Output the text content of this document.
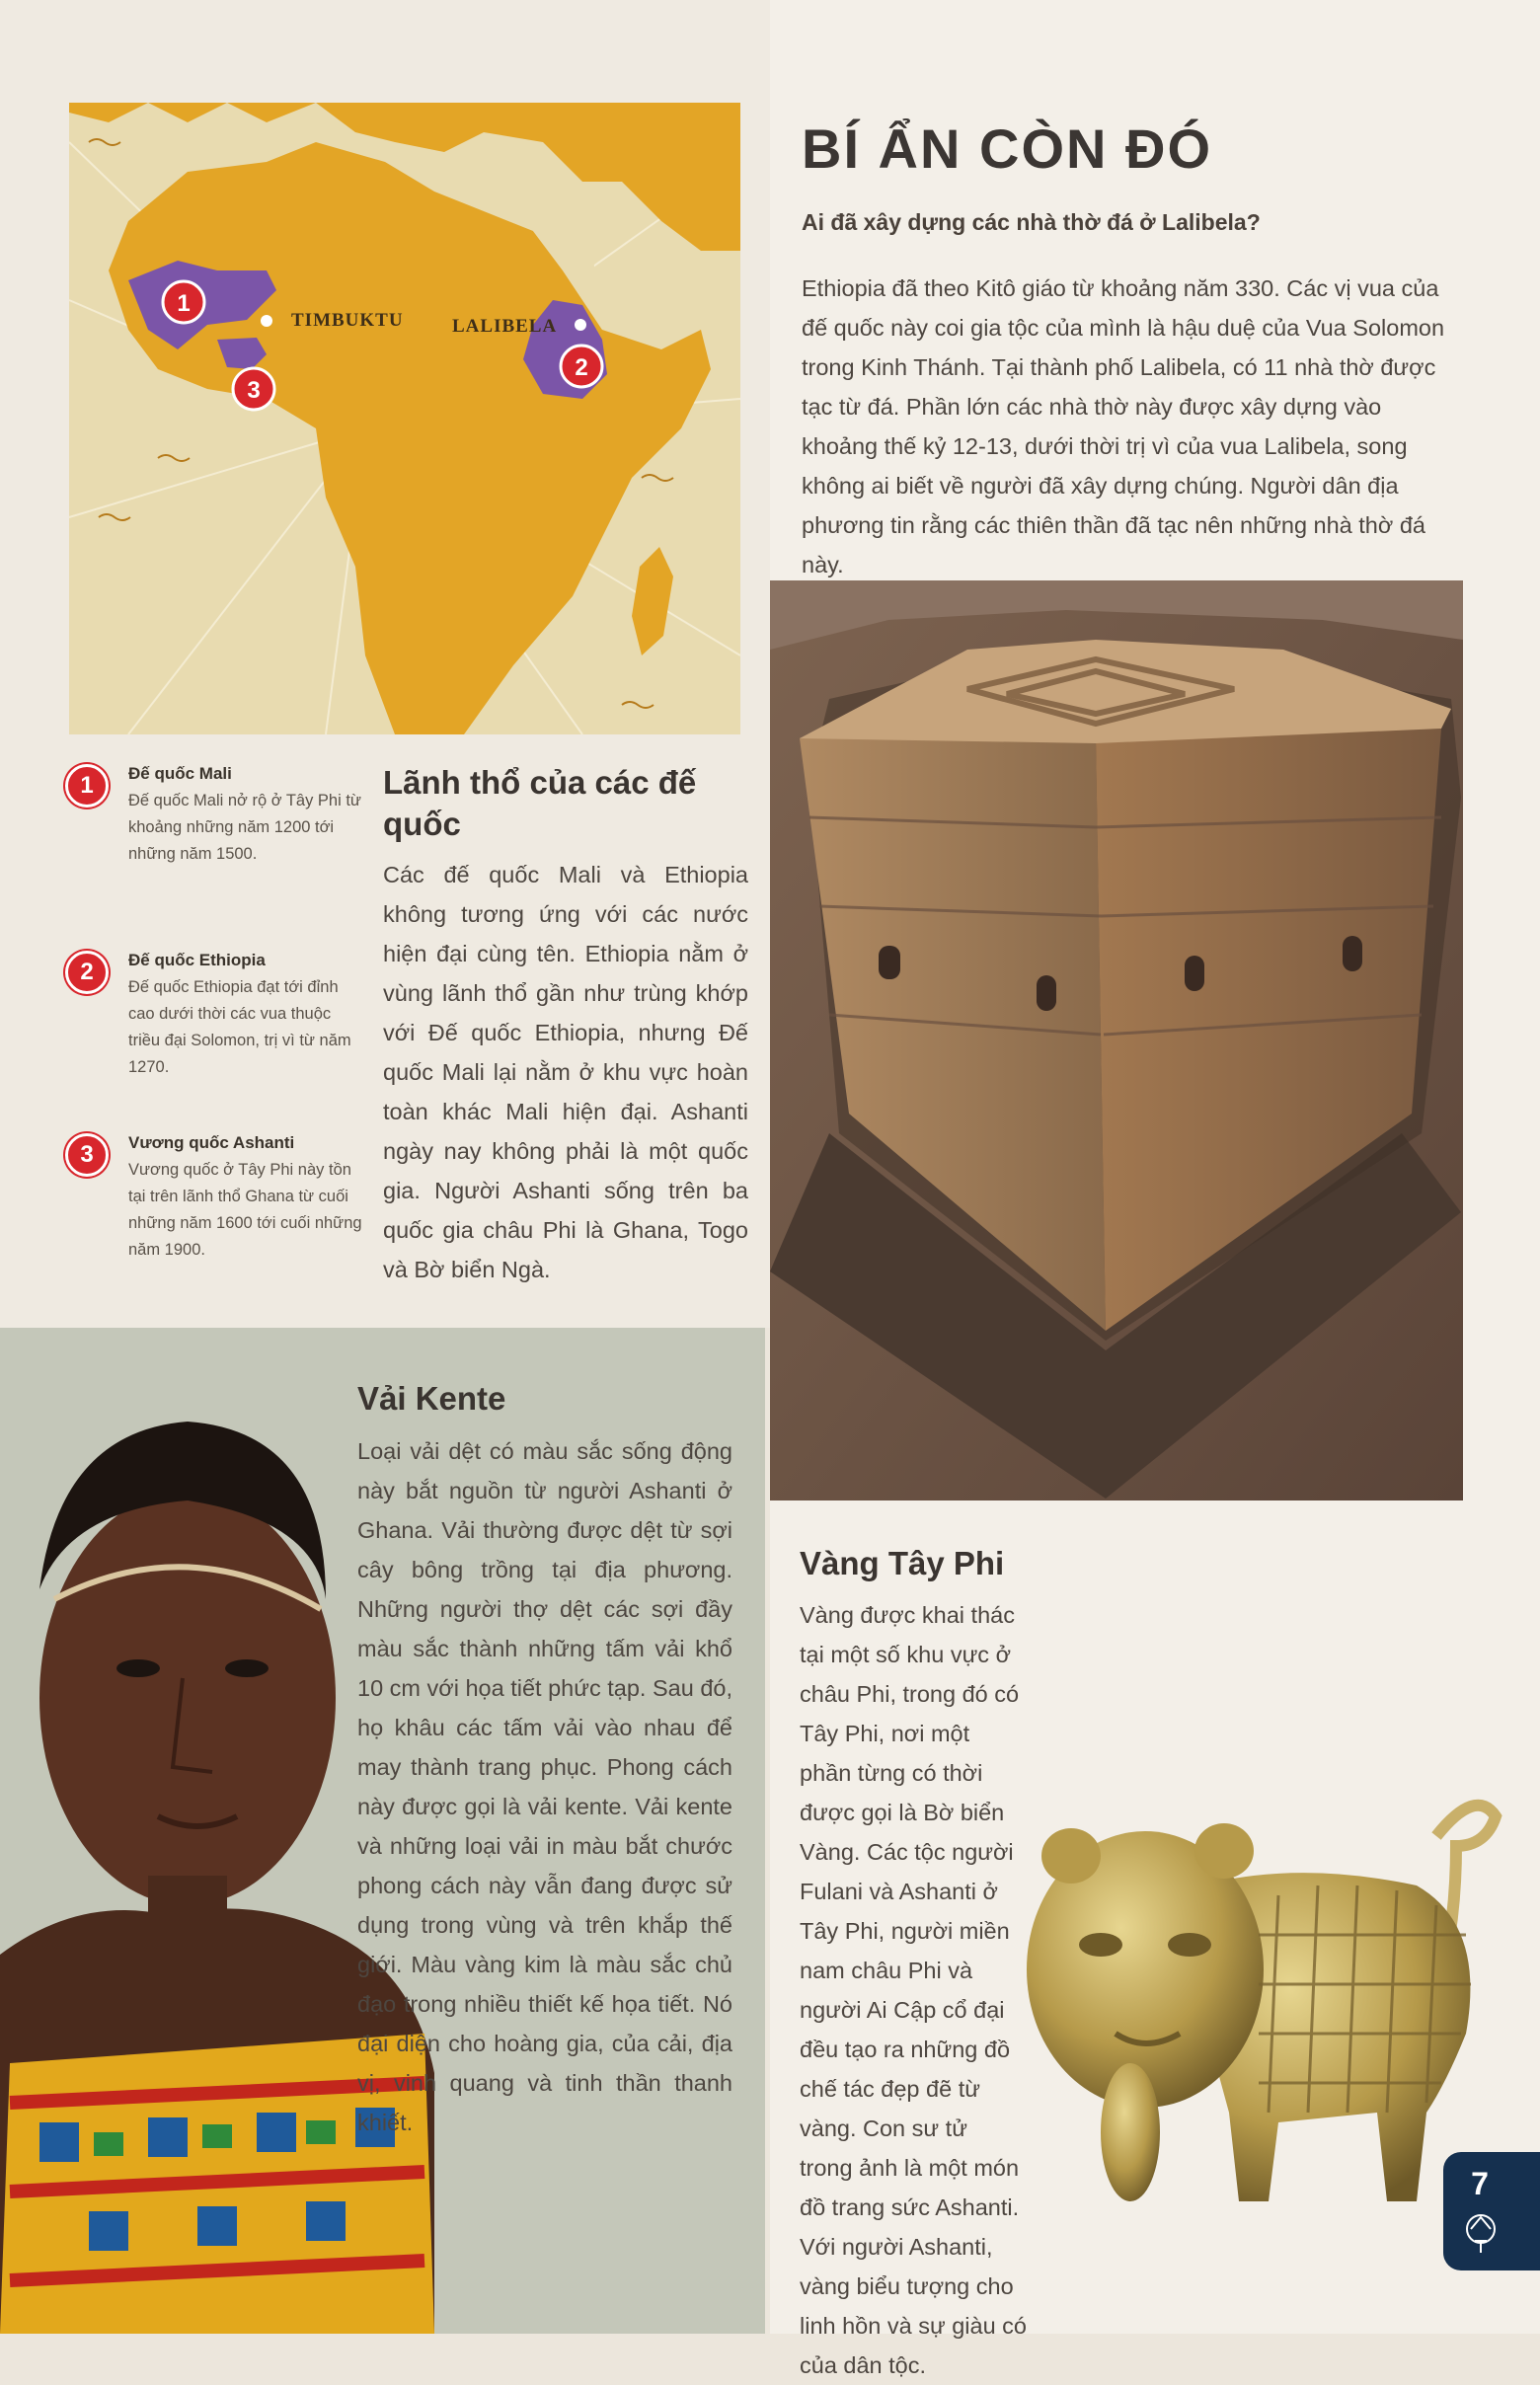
TIMBUKTU	LALIBELA
1
2
3
1 Đế quốc Mali
Đế quốc Mali nở rộ ở Tây Phi từ khoảng những năm 1200 tới những năm 1500.
2 Đế quốc Ethiopia
Đế quốc Ethiopia đạt tới đỉnh cao dưới thời các vua thuộc triều đại Solomon, trị vì từ năm 1270.
3 Vương quốc Ashanti
Vương quốc ở Tây Phi này tồn tại trên lãnh thổ Ghana từ cuối những năm 1600 tới cuối những năm 1900.
Lãnh thổ của các đế quốc

Các đế quốc Mali và Ethiopia không tương ứng với các nước hiện đại cùng tên. Ethiopia nằm ở vùng lãnh thổ gần như trùng khớp với Đế quốc Ethiopia, nhưng Đế quốc Mali lại nằm ở khu vực hoàn toàn khác Mali hiện đại. Ashanti ngày nay không phải là một quốc gia. Người Ashanti sống trên ba quốc gia châu Phi là Ghana, Togo và Bờ biển Ngà.

BÍ ẨN CÒN ĐÓ
Ai đã xây dựng các nhà thờ đá ở Lalibela?

Ethiopia đã theo Kitô giáo từ khoảng năm 330. Các vị vua của đế quốc này coi gia tộc của mình là hậu duệ của Vua Solomon trong Kinh Thánh. Tại thành phố Lalibela, có 11 nhà thờ được tạc từ đá. Phần lớn các nhà thờ này được xây dựng vào khoảng thế kỷ 12-13, dưới thời trị vì của vua Lalibela, song không ai biết về người đã xây dựng chúng. Người dân địa phương tin rằng các thiên thần đã tạc nên những nhà thờ đá này.

Vải Kente

Loại vải dệt có màu sắc sống động này bắt nguồn từ người Ashanti ở Ghana. Vải thường được dệt từ sợi cây bông trồng tại địa phương. Những người thợ dệt các sợi đầy màu sắc thành những tấm vải khổ 10 cm với họa tiết phức tạp. Sau đó, họ khâu các tấm vải vào nhau để may thành trang phục. Phong cách này được gọi là vải kente. Vải kente và những loại vải in màu bắt chước phong cách này vẫn đang được sử dụng trong vùng và trên khắp thế giới. Màu vàng kim là màu sắc chủ đạo trong nhiều thiết kế họa tiết. Nó đại diện cho hoàng gia, của cải, địa vị, vinh quang và tinh thần thanh khiết.

Vàng Tây Phi

Vàng được khai thác tại một số khu vực ở châu Phi, trong đó có Tây Phi, nơi một phần từng có thời được gọi là Bờ biển Vàng. Các tộc người Fulani và Ashanti ở Tây Phi, người miền nam châu Phi và người Ai Cập cổ đại đều tạo ra những đồ chế tác đẹp đẽ từ vàng. Con sư tử trong ảnh là một món đồ trang sức Ashanti. Với người Ashanti, vàng biểu tượng cho linh hồn và sự giàu có của dân tộc.

7
